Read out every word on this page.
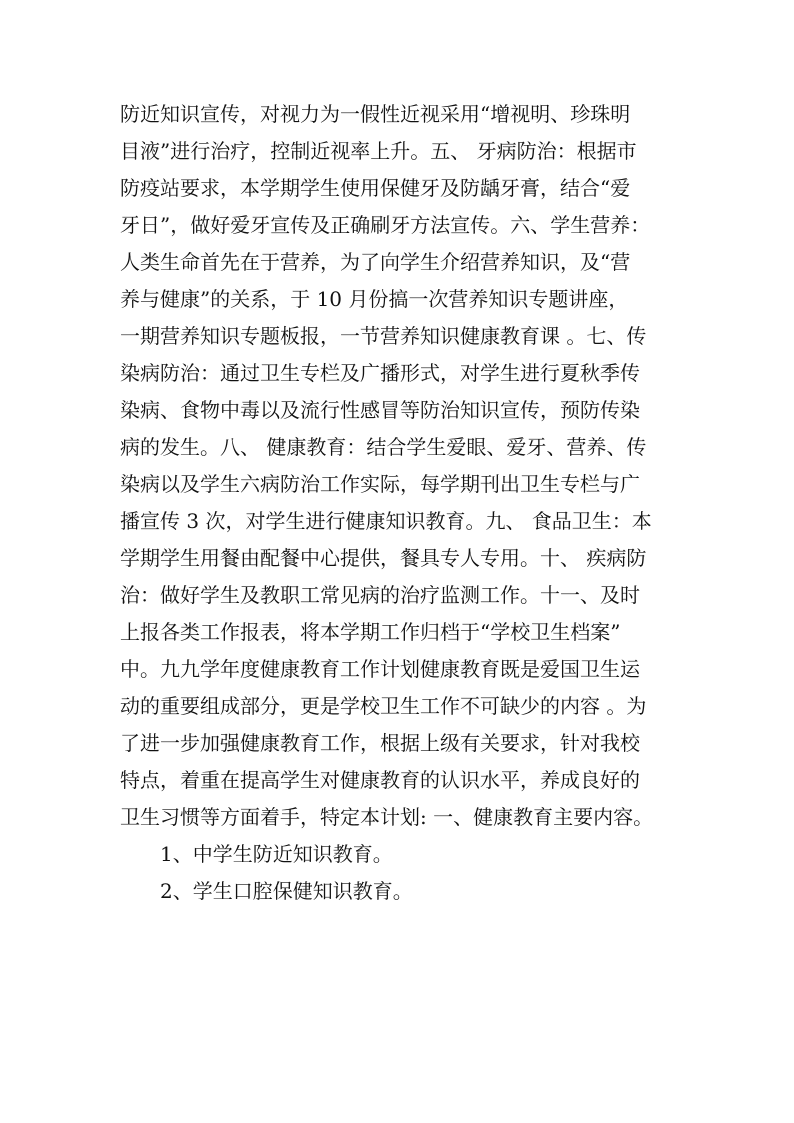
防近知识宣传，对视力为一假性近视采用“增视明、珍珠明
目液”进行治疗，控制近视率上升。五、 牙病防治：根据市
防疫站要求，本学期学生使用保健牙及防龋牙膏，结合“爱
牙日”，做好爱牙宣传及正确刷牙方法宣传。六、学生营养：
人类生命首先在于营养，为了向学生介绍营养知识，及“营
养与健康”的关系，于 10 月份搞一次营养知识专题讲座，
一期营养知识专题板报，一节营养知识健康教育课 。七、传
染病防治：通过卫生专栏及广播形式，对学生进行夏秋季传
染病、食物中毒以及流行性感冒等防治知识宣传，预防传染
病的发生。八、 健康教育：结合学生爱眼、爱牙、营养、传
染病以及学生六病防治工作实际，每学期刊出卫生专栏与广
播宣传 3 次，对学生进行健康知识教育。九、 食品卫生：本
学期学生用餐由配餐中心提供，餐具专人专用。十、 疾病防
治：做好学生及教职工常见病的治疗监测工作。十一、及时
上报各类工作报表，将本学期工作归档于“学校卫生档案”
中。九九学年度健康教育工作计划健康教育既是爱国卫生运
动的重要组成部分，更是学校卫生工作不可缺少的内容 。为
了进一步加强健康教育工作，根据上级有关要求，针对我校
特点，着重在提高学生对健康教育的认识水平，养成良好的
卫生习惯等方面着手，特定本计划: 一、健康教育主要内容。
1、中学生防近知识教育。
2、学生口腔保健知识教育。
